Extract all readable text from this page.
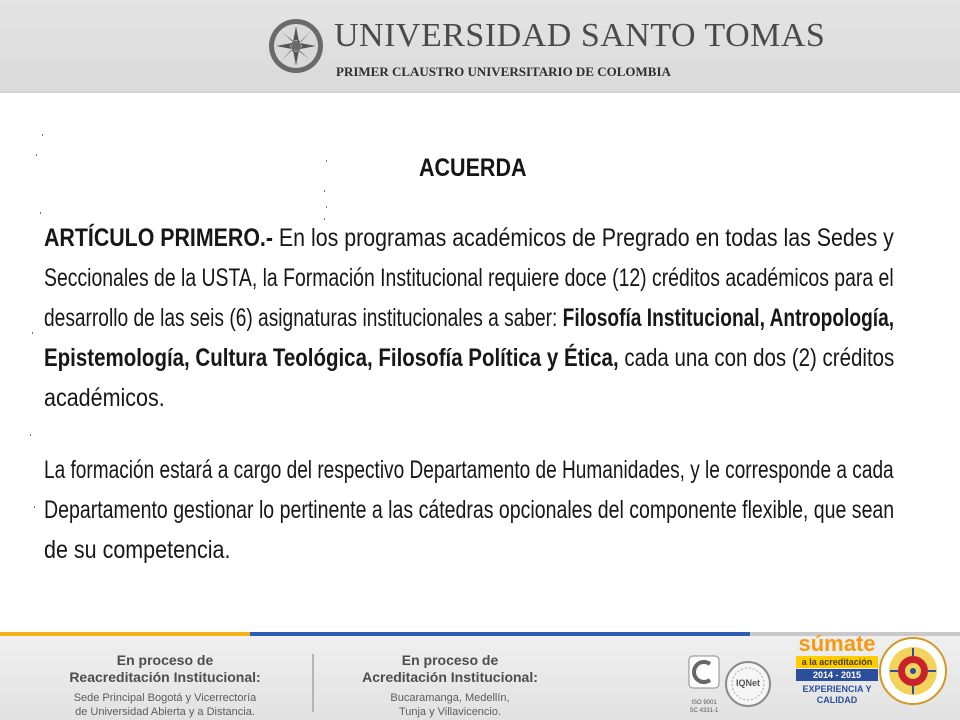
UNIVERSIDAD SANTO TOMAS
PRIMER CLAUSTRO UNIVERSITARIO DE COLOMBIA
ACUERDA
ARTÍCULO PRIMERO.- En los programas académicos de Pregrado en todas las Sedes y
Seccionales de la USTA, la Formación Institucional requiere doce (12) créditos académicos para el
desarrollo de las seis (6) asignaturas institucionales a saber: Filosofía Institucional, Antropología,
Epistemología, Cultura Teológica, Filosofía Política y Ética, cada una con dos (2) créditos
académicos.
La formación estará a cargo del respectivo Departamento de Humanidades, y le corresponde a cada
Departamento gestionar lo pertinente a las cátedras opcionales del componente flexible, que sean
de su competencia.
En proceso de
Reacreditación Institucional:
Sede Principal Bogotá y Vicerrectoría
de Universidad Abierta y a Distancia.
En proceso de
Acreditación Institucional:
Bucaramanga, Medellín,
Tunja y Villavicencio.
ISO 9001
SC 4331-1
IQNet
súmate
a la acreditación
2014 - 2015
EXPERIENCIA Y CALIDAD
